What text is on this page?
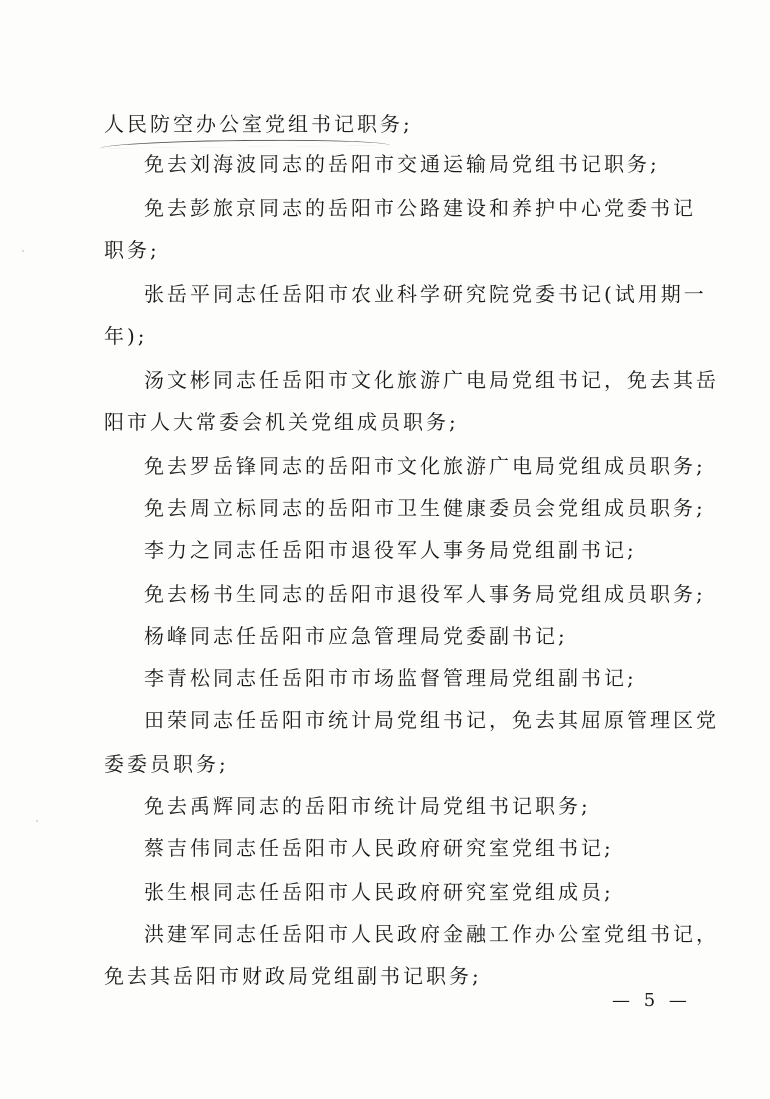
人民防空办公室党组书记职务;
免去刘海波同志的岳阳市交通运输局党组书记职务;
免去彭旅京同志的岳阳市公路建设和养护中心党委书记
职务;
张岳平同志任岳阳市农业科学研究院党委书记(试用期一
年);
汤文彬同志任岳阳市文化旅游广电局党组书记，免去其岳
阳市人大常委会机关党组成员职务;
免去罗岳锋同志的岳阳市文化旅游广电局党组成员职务;
免去周立标同志的岳阳市卫生健康委员会党组成员职务;
李力之同志任岳阳市退役军人事务局党组副书记;
免去杨书生同志的岳阳市退役军人事务局党组成员职务;
杨峰同志任岳阳市应急管理局党委副书记;
李青松同志任岳阳市市场监督管理局党组副书记;
田荣同志任岳阳市统计局党组书记，免去其屈原管理区党
委委员职务;
免去禹辉同志的岳阳市统计局党组书记职务;
蔡吉伟同志任岳阳市人民政府研究室党组书记;
张生根同志任岳阳市人民政府研究室党组成员;
洪建军同志任岳阳市人民政府金融工作办公室党组书记，
免去其岳阳市财政局党组副书记职务;
— 5 —
